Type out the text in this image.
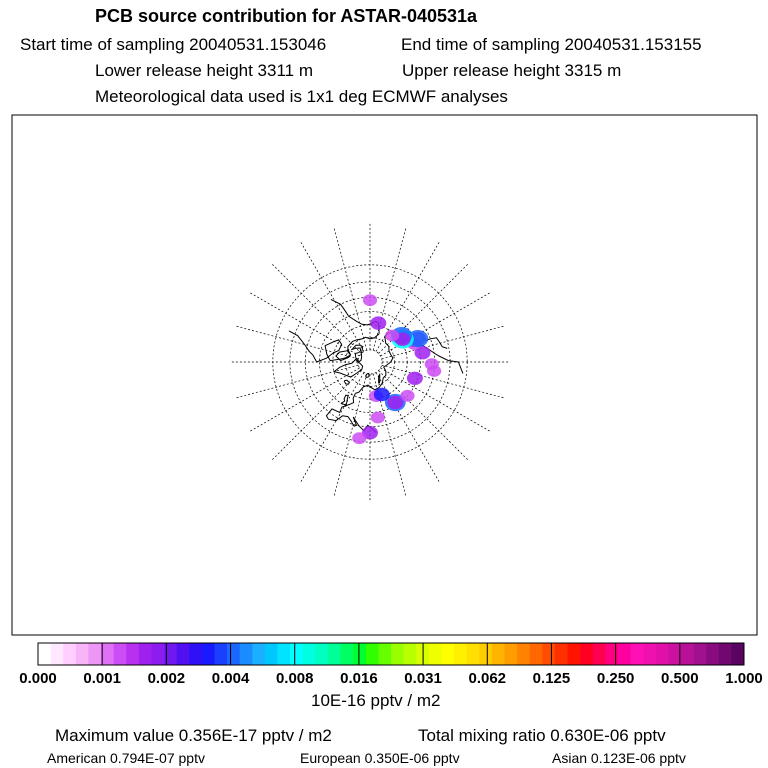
PCB source contribution for ASTAR-040531a
Start time of sampling 20040531.153046	End time of sampling 20040531.153155
Lower release height 3311 m	Upper release height 3315 m
Meteorological data used is 1x1 deg ECMWF analyses
0.000 0.001 0.002 0.004 0.008 0.016 0.031 0.062 0.125 0.250 0.500 1.000
10E-16 pptv / m2
Maximum value 0.356E-17 pptv / m2	Total mixing ratio 0.630E-06 pptv
American 0.794E-07 pptv	European 0.350E-06 pptv	Asian 0.123E-06 pptv
